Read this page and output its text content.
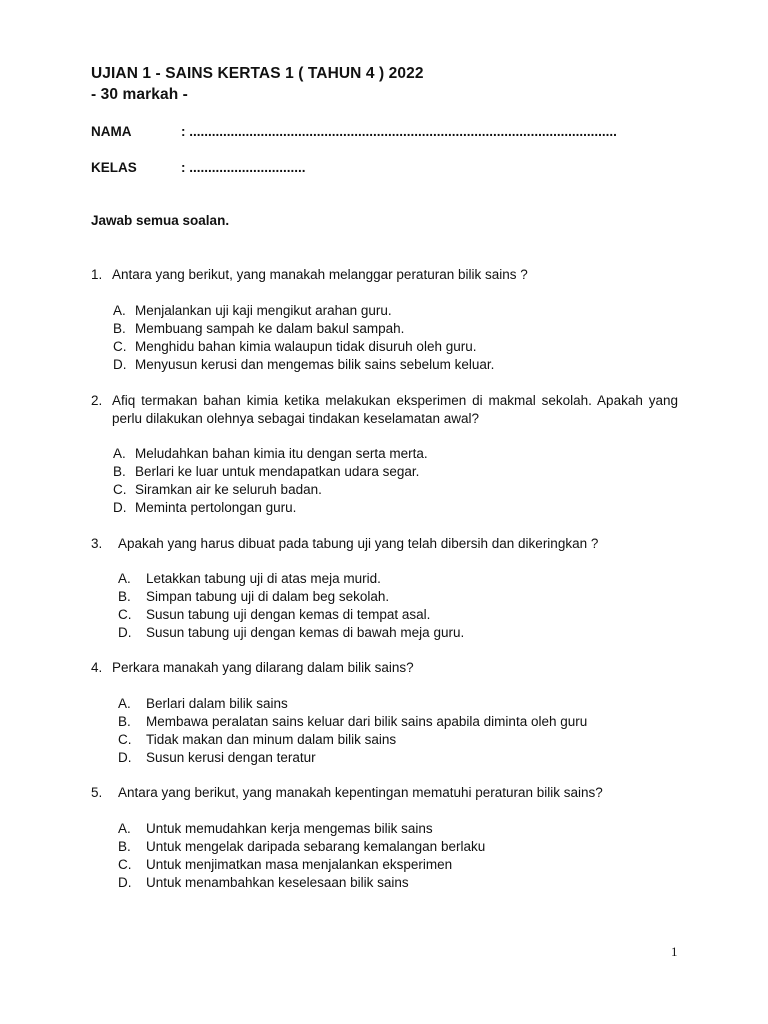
UJIAN 1 - SAINS KERTAS 1 ( TAHUN 4 ) 2022
- 30 markah -
NAMA	: ..................................................................................................................
KELAS	: ...............................
Jawab semua soalan.
1. Antara yang berikut, yang manakah melanggar peraturan bilik sains ?
A. Menjalankan uji kaji mengikut arahan guru.
B. Membuang sampah ke dalam bakul sampah.
C. Menghidu bahan kimia walaupun tidak disuruh oleh guru.
D. Menyusun kerusi dan mengemas bilik sains sebelum keluar.
2. Afiq termakan bahan kimia ketika melakukan eksperimen di makmal sekolah. Apakah yang perlu dilakukan olehnya sebagai tindakan keselamatan awal?
A. Meludahkan bahan kimia itu dengan serta merta.
B. Berlari ke luar untuk mendapatkan udara segar.
C. Siramkan air ke seluruh badan.
D. Meminta pertolongan guru.
3. Apakah yang harus dibuat pada tabung uji yang telah dibersih dan dikeringkan ?
A. Letakkan tabung uji di atas meja murid.
B. Simpan tabung uji di dalam beg sekolah.
C. Susun tabung uji dengan kemas di tempat asal.
D. Susun tabung uji dengan kemas di bawah meja guru.
4. Perkara manakah yang dilarang dalam bilik sains?
A. Berlari dalam bilik sains
B. Membawa peralatan sains keluar dari bilik sains apabila diminta oleh guru
C. Tidak makan dan minum dalam bilik sains
D. Susun kerusi dengan teratur
5. Antara yang berikut, yang manakah kepentingan mematuhi peraturan bilik sains?
A. Untuk memudahkan kerja mengemas bilik sains
B. Untuk mengelak daripada sebarang kemalangan berlaku
C. Untuk menjimatkan masa menjalankan eksperimen
D. Untuk menambahkan keselesaan bilik sains
1
